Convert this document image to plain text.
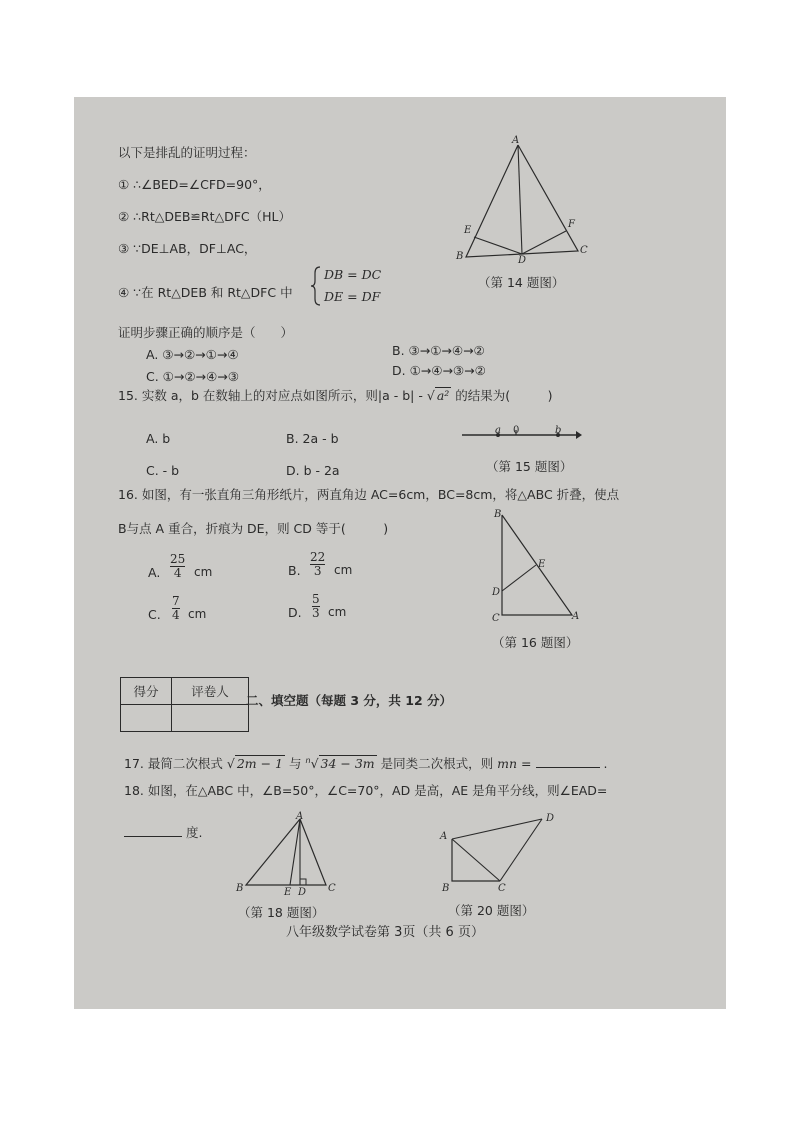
以下是排乱的证明过程：
① ∴∠BED=∠CFD=90°，
② ∴Rt△DEB≌Rt△DFC（HL）
③ ∵DE⊥AB，DF⊥AC，
④ ∵在 Rt△DEB 和 Rt△DFC 中
DB = DC
DE = DF
A
B
C
D
E
F
（第 14 题图）
证明步骤正确的顺序是（　　）
A. ③→②→①→④	B. ③→①→④→②
C. ①→②→④→③	D. ①→④→③→②
15. 实数 a，b 在数轴上的对应点如图所示，则|a - b| - √ a² 的结果为(　　　)
A. b	B. 2a - b
C. - b	D. b - 2a
a 0	b
（第 15 题图）
16. 如图，有一张直角三角形纸片，两直角边 AC=6cm，BC=8cm，将△ABC 折叠，使点
B与点 A 重合，折痕为 DE，则 CD 等于(　　　)
A.
25
4 cm	B.
22
3 cm
C.
7
4 cm	D.
5
3 cm
B
E
D
C	A
（第 16 题图）
得分	评卷人

二、填空题（每题 3 分，共 12 分）
17. 最简二次根式 √ 2m − 1 与 $^n$√ 34 − 3m 是同类二次根式，则 mn =	.
18. 如图，在△ABC 中，∠B=50°，∠C=70°，AD 是高，AE 是角平分线，则∠EAD=
度.
A
B	E D C
（第 18 题图）
A
B	C
D
（第 20 题图）
八年级数学试卷第 3页（共 6 页）
